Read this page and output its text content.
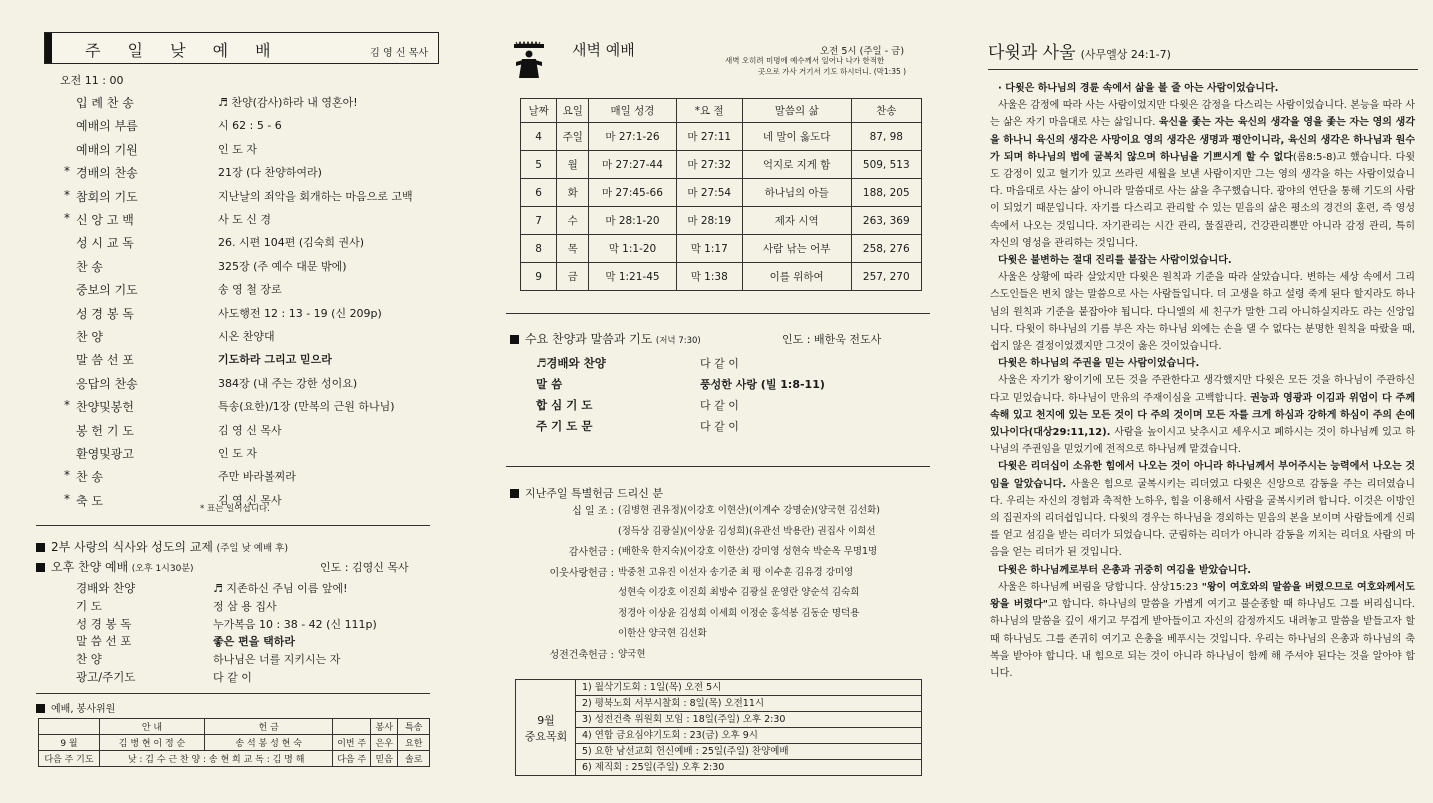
주 일 낮 예 배	김 영 신 목사
오전 11 : 00
입 례 찬 송	♬ 찬양(감사)하라 내 영혼아!
예배의 부름	시 62 : 5 - 6
예배의 기원	인 도 자
* 경배의 찬송	21장 (다 찬양하여라)
* 참회의 기도	지난날의 죄악을 회개하는 마음으로 고백
* 신 앙 고 백	사 도 신 경
성 시 교 독	26. 시편 104편 (김숙희 권사)
찬 송	325장 (주 예수 대문 밖에)
중보의 기도	송 영 철 장로
성 경 봉 독	사도행전 12 : 13 - 19 (신 209p)
찬 양	시온 찬양대
말 씀 선 포	기도하라 그리고 믿으라
응답의 찬송	384장 (내 주는 강한 성이요)
* 찬양및봉헌	특송(요한)/1장 (만복의 근원 하나님)
봉 헌 기 도	김 영 신 목사
환영및광고	인 도 자
* 찬 송	주만 바라볼찌라
* 축 도	김 영 신 목사
* 표는 일어섭니다.
2부 사랑의 식사와 성도의 교제 (주일 낮 예배 후)
오후 찬양 예배 (오후 1시30분)	인도 : 김영신 목사
경배와 찬양	♬ 지존하신 주님 이름 앞에!
기 도	정 삼 용 집사
성 경 봉 독	누가복음 10 : 38 - 42 (신 111p)
말 씀 선 포	좋은 편을 택하라
찬 양	하나님은 너를 지키시는 자
광고/주기도	다 같 이
예배, 봉사위원
	안 내	헌 금		봉사	특송
9 월	김 병 현 이 정 순	송 석 봉 성 현 숙	이번 주	은우	요한
다음 주 기도	낮 : 김 수 근 찬 양 : 송 현 희 교 독 : 김 명 해		다음 주	믿음	솔로
새벽 예배	오전 5시 (주일 - 금)
새벽 오히려 미명에 예수께서 일어나 나가 한적한
곳으로 가사 거기서 기도 하시더니. (막1:35 )
날짜	요일	매일 성경	*요 절	말씀의 삶	찬송
4	주일	마 27:1-26	마 27:11	네 말이 옳도다	87, 98
5	월	마 27:27-44	마 27:32	억지로 지게 함	509, 513
6	화	마 27:45-66	마 27:54	하나님의 아들	188, 205
7	수	마 28:1-20	마 28:19	제자 시역	263, 369
8	목	막 1:1-20	막 1:17	사람 낚는 어부	258, 276
9	금	막 1:21-45	막 1:38	이를 위하여	257, 270
수요 찬양과 말씀과 기도 (저녁 7:30)	인도 : 배한욱 전도사
♬경배와 찬양	다 같 이
말 씀	풍성한 사랑 (빌 1:8-11)
합 심 기 도	다 같 이
주 기 도 문	다 같 이
지난주일 특별헌금 드리신 분
십 일 조 : (김병현 권유정)(이강호 이현산)(이계수 강명순)(양국현 김선화)
(정득상 김광실)(이상윤 김성희)(유관선 박용란) 권집사 이희선
감사헌금 : (배한욱 한지숙)(이강호 이한산) 강미영 성현숙 박순옥 무명1명
이웃사랑헌금 : 박중천 고유진 이선자 송기준 최 평 이수훈 김유경 강미영
성현숙 이강호 이진희 최방수 김광실 운영란 양순석 김숙희
정경아 이상윤 김성희 이세희 이정순 홍석봉 김동순 명덕용
이한산 양국현 김선화
성전건축헌금 : 양국현
9월
중요목회
1) 월삭기도회 : 1일(목) 오전 5시
2) 평북노회 서부시찰회 : 8일(목) 오전11시
3) 성전건축 위원회 모임 : 18일(주일) 오후 2:30
4) 연합 금요심야기도회 : 23(금) 오후 9시
5) 요한 남선교회 헌신예배 : 25일(주일) 찬양예배
6) 제직회 : 25일(주일) 오후 2:30
다윗과 사울 (사무엘상 24:1-7)

· 다윗은 하나님의 경륜 속에서 삶을 볼 줄 아는 사람이었습니다.

사울은 감정에 따라 사는 사람이었지만 다윗은 감정을 다스리는 사람이었습니다. 본능을 따라 사는 삶은 자기 마음대로 사는 삶입니다. 육신을 좇는 자는 육신의 생각을 영을 좇는 자는 영의 생각을 하나니 육신의 생각은 사망이요 영의 생각은 생명과 평안이니라, 육신의 생각은 하나님과 원수가 되며 하나님의 법에 굴복치 않으며 하나님을 기쁘시게 할 수 없다(롬8:5-8)고 했습니다. 다윗도 감정이 있고 혈기가 있고 쓰라린 세월을 보낸 사람이지만 그는 영의 생각을 하는 사람이었습니다. 마음대로 사는 삶이 아니라 말씀대로 사는 삶을 추구했습니다. 광야의 연단을 통해 기도의 사람이 되었기 때문입니다. 자기를 다스리고 관리할 수 있는 믿음의 삶은 평소의 경건의 훈련, 즉 영성 속에서 나오는 것입니다. 자기관리는 시간 관리, 물질관리, 건강관리뿐만 아니라 감정 관리, 특히 자신의 영성을 관리하는 것입니다.

다윗은 불변하는 절대 진리를 붙잡는 사람이었습니다.

사울은 상황에 따라 살았지만 다윗은 원칙과 기준을 따라 살았습니다. 변하는 세상 속에서 그리스도인들은 변치 않는 말씀으로 사는 사람들입니다. 더 고생을 하고 설령 죽게 된다 할지라도 하나님의 원칙과 기준을 붙잡아야 됩니다. 다니엘의 세 친구가 말한 그리 아니하실지라도 라는 신앙입니다. 다윗이 하나님의 기름 부은 자는 하나님 외에는 손을 댈 수 없다는 분명한 원칙을 따랐을 때, 쉽지 않은 결정이었겠지만 그것이 옳은 것이었습니다.

다윗은 하나님의 주권을 믿는 사람이었습니다.

사울은 자기가 왕이기에 모든 것을 주관한다고 생각했지만 다윗은 모든 것을 하나님이 주관하신다고 믿었습니다. 하나님이 만유의 주재이심을 고백합니다. 권능과 영광과 이김과 위엄이 다 주께 속해 있고 천지에 있는 모든 것이 다 주의 것이며 모든 자를 크게 하심과 강하게 하심이 주의 손에 있나이다(대상29:11,12). 사람을 높이시고 낮추시고 세우시고 폐하시는 것이 하나님께 있고 하나님의 주권임을 믿었기에 전적으로 하나님께 맡겼습니다.

다윗은 리더십이 소유한 힘에서 나오는 것이 아니라 하나님께서 부어주시는 능력에서 나오는 것임을 알았습니다. 사울은 힘으로 굴복시키는 리더였고 다윗은 신앙으로 감동을 주는 리더였습니다. 우리는 자신의 경험과 축적한 노하우, 힘을 이용해서 사람을 굴복시키려 합니다. 이것은 이방인의 집권자의 리더쉽입니다. 다윗의 경우는 하나님을 경외하는 믿음의 본을 보이며 사람들에게 신뢰를 얻고 섬김을 받는 리더가 되었습니다. 군림하는 리더가 아니라 감동을 끼치는 리더요 사람의 마음을 얻는 리더가 된 것입니다.

다윗은 하나님께로부터 은총과 귀중히 여김을 받았습니다.

사울은 하나님께 버림을 당합니다. 삼상15:23 "왕이 여호와의 말씀을 버렸으므로 여호와께서도 왕을 버렸다"고 합니다. 하나님의 말씀을 가볍게 여기고 불순종할 때 하나님도 그를 버리십니다. 하나님의 말씀을 깊이 새기고 무겁게 받아들이고 자신의 감정까지도 내려놓고 말씀을 받들고자 할 때 하나님도 그를 존귀히 여기고 은총을 베푸시는 것입니다. 우리는 하나님의 은총과 하나님의 축복을 받아야 합니다. 내 힘으로 되는 것이 아니라 하나님이 함께 해 주셔야 된다는 것을 알아야 합니다.
